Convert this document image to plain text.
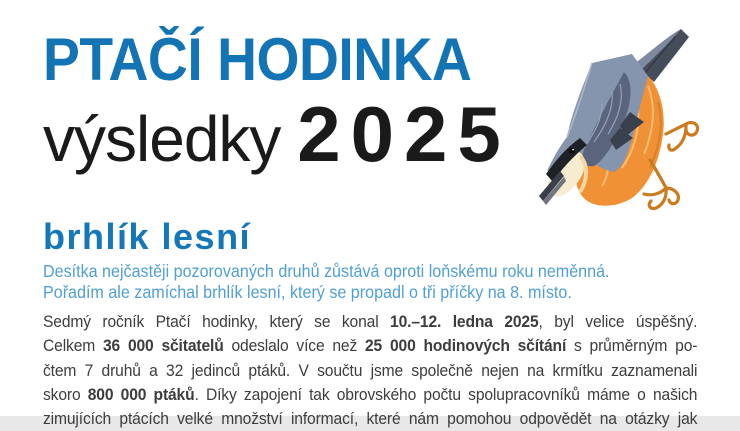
PTAČÍ HODINKA
výsledky 2025
brhlík lesní
Desítka nejčastěji pozorovaných druhů zůstává oproti loňskému roku neměnná.
Pořadím ale zamíchal brhlík lesní, který se propadl o tři příčky na 8. místo.
Sedmý ročník Ptačí hodinky, který se konal 10.–12. ledna 2025, byl velice úspěšný.
Celkem 36 000 sčitatelů odeslalo více než 25 000 hodinových sčítání s průměrným po-
čtem 7 druhů a 32 jedinců ptáků. V součtu jsme společně nejen na krmítku zaznamenali
skoro 800 000 ptáků. Díky zapojení tak obrovského počtu spolupracovníků máme o našich
zimujících ptácích velké množství informací, které nám pomohou odpovědět na otázky jak
